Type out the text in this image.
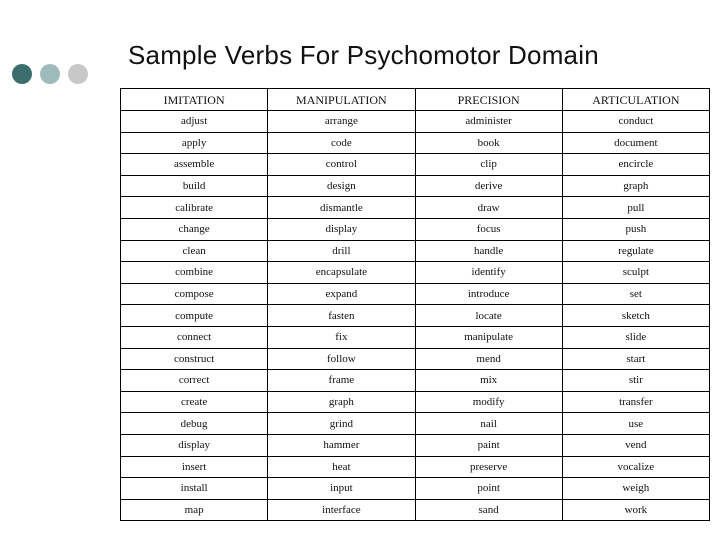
Sample Verbs For Psychomotor Domain
IMITATION	MANIPULATION	PRECISION	ARTICULATION
adjust	arrange	administer	conduct
apply	code	book	document
assemble	control	clip	encircle
build	design	derive	graph
calibrate	dismantle	draw	pull
change	display	focus	push
clean	drill	handle	regulate
combine	encapsulate	identify	sculpt
compose	expand	introduce	set
compute	fasten	locate	sketch
connect	fix	manipulate	slide
construct	follow	mend	start
correct	frame	mix	stir
create	graph	modify	transfer
debug	grind	nail	use
display	hammer	paint	vend
insert	heat	preserve	vocalize
install	input	point	weigh
map	interface	sand	work
